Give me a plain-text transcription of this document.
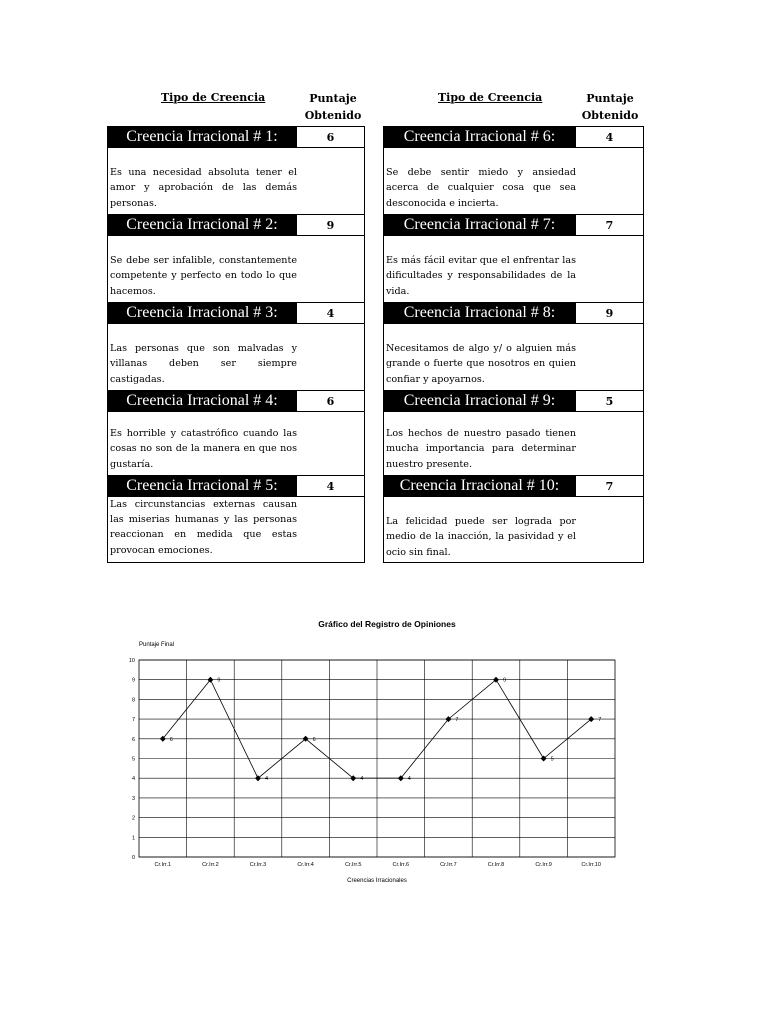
Tipo de Creencia	Puntaje
Obtenido
Tipo de Creencia	Puntaje
Obtenido
Creencia Irracional # 1:	6
Es una necesidad absoluta tener el amor y aprobación de las demás personas.
Creencia Irracional # 2:	9
Se debe ser infalible, constantemente competente y perfecto en todo lo que hacemos.
Creencia Irracional # 3:	4
Las personas que son malvadas y villanas deben ser siempre castigadas.
Creencia Irracional # 4:	6
Es horrible y catastrófico cuando las cosas no son de la manera en que nos gustaría.
Creencia Irracional # 5:	4
Las circunstancias externas causan las miserias humanas y las personas reaccionan en medida que estas provocan emociones.
Creencia Irracional # 6:	4
Se debe sentir miedo y ansiedad acerca de cualquier cosa que sea desconocida e incierta.
Creencia Irracional # 7:	7
Es más fácil evitar que el enfrentar las dificultades y responsabilidades de la vida.
Creencia Irracional # 8:	9
Necesitamos de algo y/ o alguien más grande o fuerte que nosotros en quien confiar y apoyarnos.
Creencia Irracional # 9:	5
Los hechos de nuestro pasado tienen mucha importancia para determinar nuestro presente.
Creencia Irracional # 10:	7
La felicidad puede ser lograda por medio de la inacción, la pasividad y el ocio sin final.
Gráfico del Registro de Opiniones
Puntaje Final
Creencias Irracionales
0
1
2
3
4
5
6
7
8
9
10
Cr.Irr.1	Cr.Irr.2	Cr.Irr.3	Cr.Irr.4	Cr.Irr.5	Cr.Irr.6	Cr.Irr.7	Cr.Irr.8	Cr.Irr.9	Cr.Irr.10
6
9
4
6
4	4
7
9
5
7
